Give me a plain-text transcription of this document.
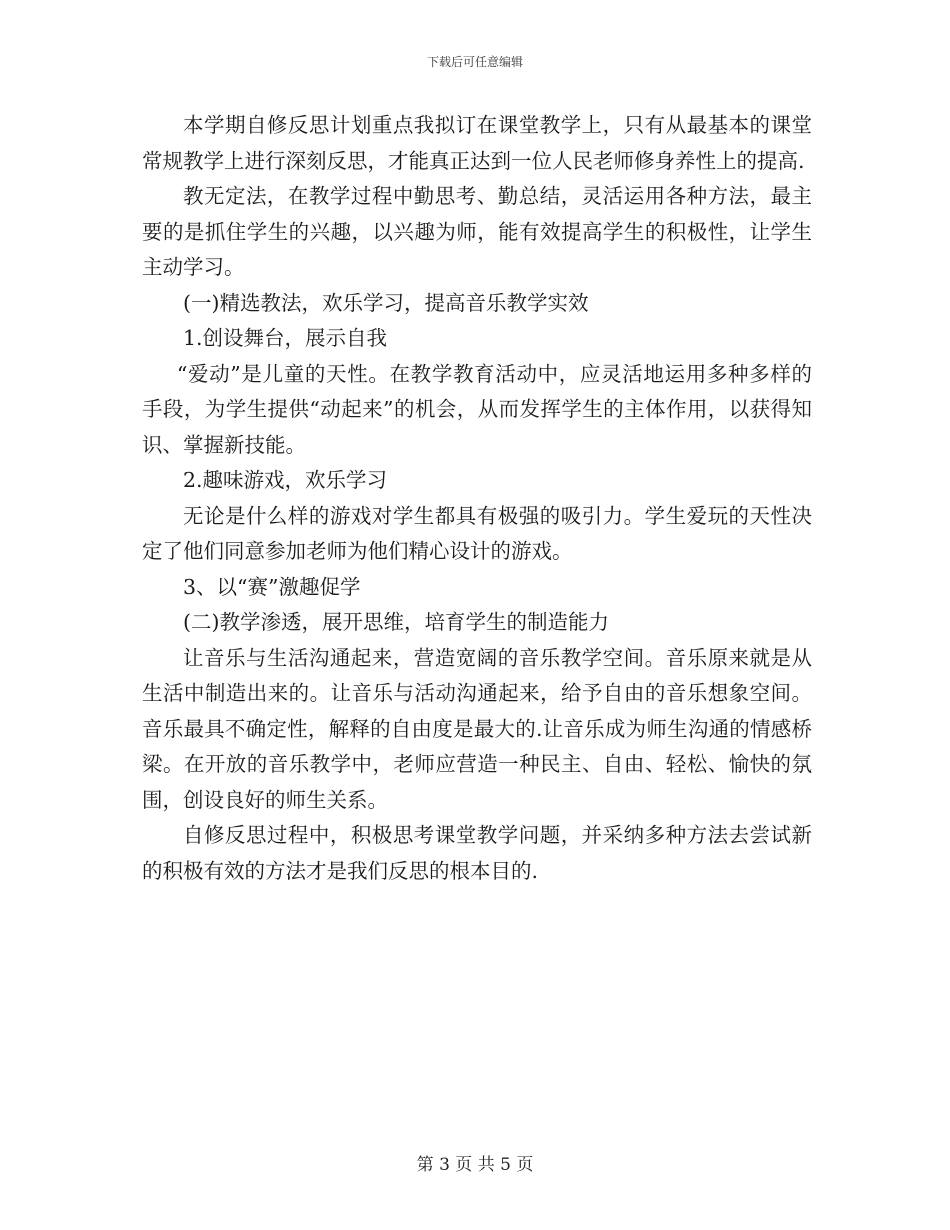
下载后可任意编辑

本学期自修反思计划重点我拟订在课堂教学上，只有从最基本的课堂常规教学上进行深刻反思，才能真正达到一位人民老师修身养性上的提高.

教无定法，在教学过程中勤思考、勤总结，灵活运用各种方法，最主要的是抓住学生的兴趣，以兴趣为师，能有效提高学生的积极性，让学生主动学习。

(一)精选教法，欢乐学习，提高音乐教学实效

1.创设舞台，展示自我

“爱动”是儿童的天性。在教学教育活动中，应灵活地运用多种多样的手段，为学生提供“动起来”的机会，从而发挥学生的主体作用，以获得知识、掌握新技能。

2.趣味游戏，欢乐学习

无论是什么样的游戏对学生都具有极强的吸引力。学生爱玩的天性决定了他们同意参加老师为他们精心设计的游戏。

3、以“赛”激趣促学

(二)教学渗透，展开思维，培育学生的制造能力

让音乐与生活沟通起来，营造宽阔的音乐教学空间。音乐原来就是从生活中制造出来的。让音乐与活动沟通起来，给予自由的音乐想象空间。音乐最具不确定性，解释的自由度是最大的.让音乐成为师生沟通的情感桥梁。在开放的音乐教学中，老师应营造一种民主、自由、轻松、愉快的氛围，创设良好的师生关系。

自修反思过程中，积极思考课堂教学问题，并采纳多种方法去尝试新的积极有效的方法才是我们反思的根本目的.

第 3 页 共 5 页
